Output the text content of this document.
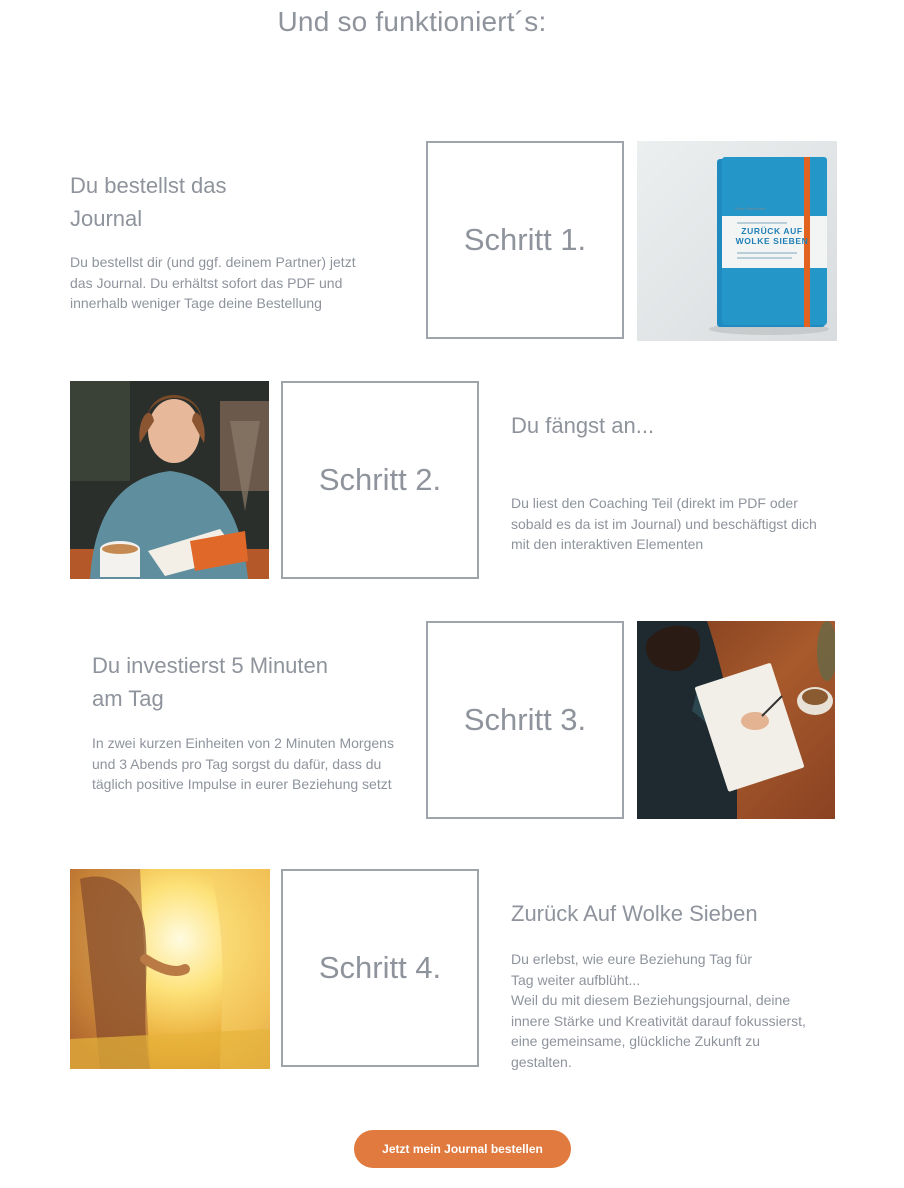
Und so funktioniert´s:
Du bestellst das
Journal
Du bestellst dir (und ggf. deinem Partner) jetzt
das Journal. Du erhältst sofort das PDF und
innerhalb weniger Tage deine Bestellung
Schritt 1.	ZURÜCK AUF
WOLKE SIEBEN
Sinan Stadtmeier
Schritt 2.
Du fängst an...
Du liest den Coaching Teil (direkt im PDF oder
sobald es da ist im Journal) und beschäftigst dich
mit den interaktiven Elementen
Du investierst 5 Minuten
am Tag
In zwei kurzen Einheiten von 2 Minuten Morgens
und 3 Abends pro Tag sorgst du dafür, dass du
täglich positive Impulse in eurer Beziehung setzt
Schritt 3.
Schritt 4.
Zurück Auf Wolke Sieben
Du erlebst, wie eure Beziehung Tag für
Tag weiter aufblüht...
Weil du mit diesem Beziehungsjournal, deine
innere Stärke und Kreativität darauf fokussierst,
eine gemeinsame, glückliche Zukunft zu
gestalten.
Jetzt mein Journal bestellen
